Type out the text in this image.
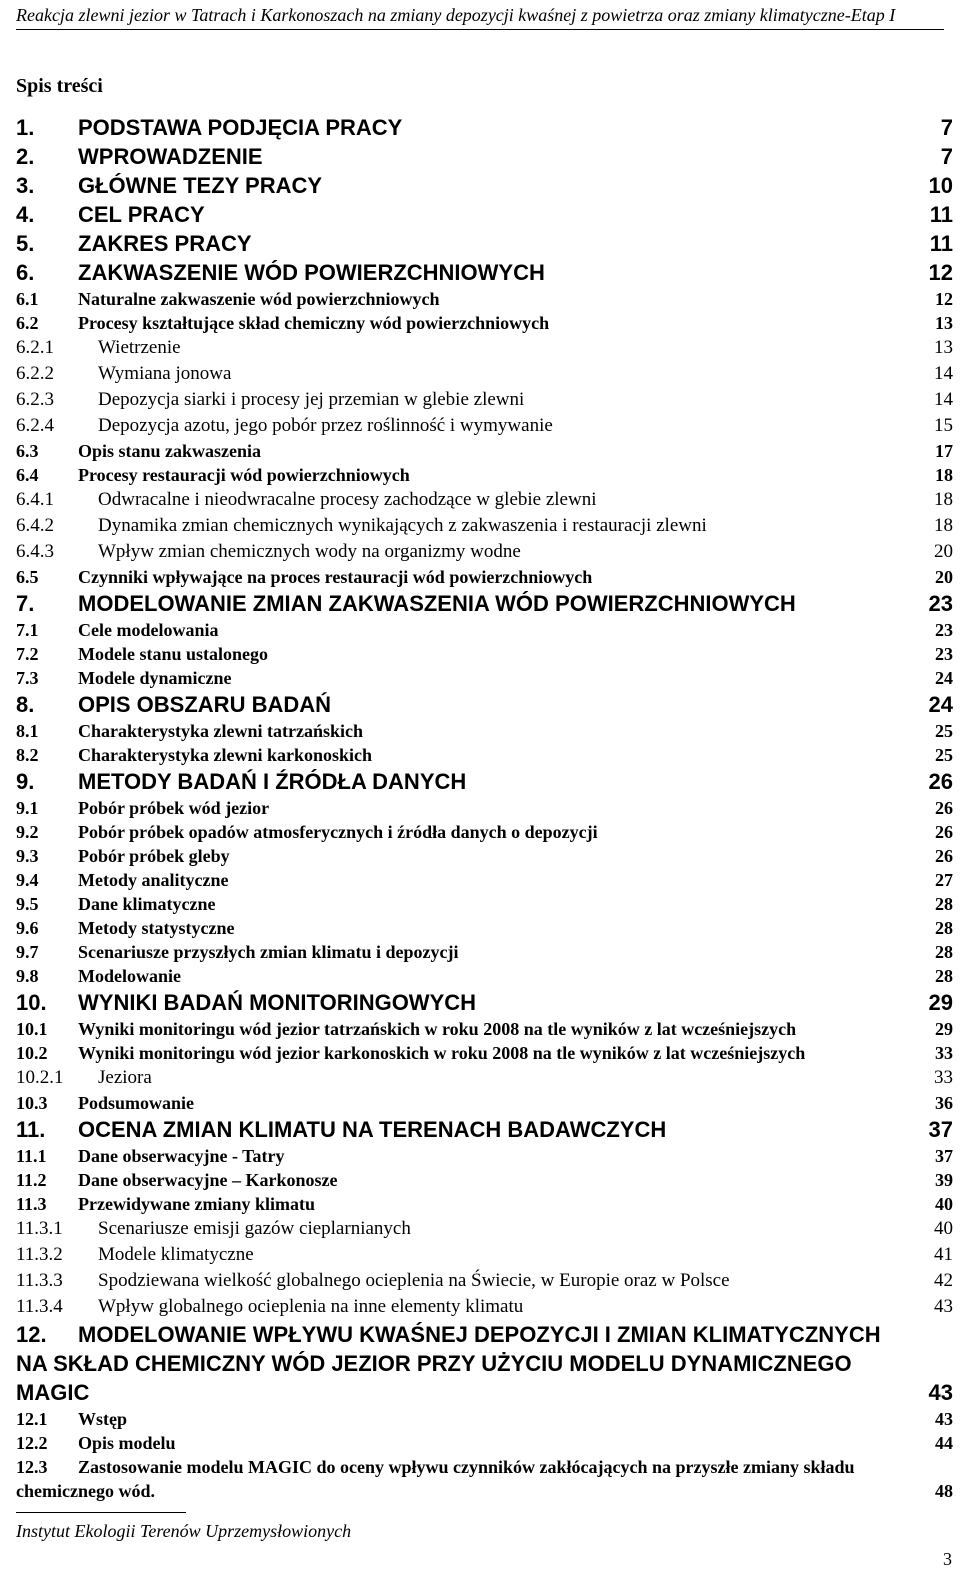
Reakcja zlewni jezior w Tatrach i Karkonoszach na zmiany depozycji kwaśnej z powietrza oraz zmiany klimatyczne-Etap I
Spis treści
1. PODSTAWA PODJĘCIA PRACY	7
2. WPROWADZENIE	7
3. GŁÓWNE TEZY PRACY	10
4. CEL PRACY	11
5. ZAKRES PRACY	11
6. ZAKWASZENIE WÓD POWIERZCHNIOWYCH	12
6.1 Naturalne zakwaszenie wód powierzchniowych	12
6.2 Procesy kształtujące skład chemiczny wód powierzchniowych	13
6.2.1 Wietrzenie	13
6.2.2 Wymiana jonowa	14
6.2.3 Depozycja siarki i procesy jej przemian w glebie zlewni	14
6.2.4 Depozycja azotu, jego pobór przez roślinność i wymywanie	15
6.3 Opis stanu zakwaszenia	17
6.4 Procesy restauracji wód powierzchniowych	18
6.4.1 Odwracalne i nieodwracalne procesy zachodzące w glebie zlewni	18
6.4.2 Dynamika zmian chemicznych wynikających z zakwaszenia i restauracji zlewni	18
6.4.3 Wpływ zmian chemicznych wody na organizmy wodne	20
6.5 Czynniki wpływające na proces restauracji wód powierzchniowych	20
7. MODELOWANIE ZMIAN ZAKWASZENIA WÓD POWIERZCHNIOWYCH	23
7.1 Cele modelowania	23
7.2 Modele stanu ustalonego	23
7.3 Modele dynamiczne	24
8. OPIS OBSZARU BADAŃ	24
8.1 Charakterystyka zlewni tatrzańskich	25
8.2 Charakterystyka zlewni karkonoskich	25
9. METODY BADAŃ I ŹRÓDŁA DANYCH	26
9.1 Pobór próbek wód jezior	26
9.2 Pobór próbek opadów atmosferycznych i źródła danych o depozycji	26
9.3 Pobór próbek gleby	26
9.4 Metody analityczne	27
9.5 Dane klimatyczne	28
9.6 Metody statystyczne	28
9.7 Scenariusze przyszłych zmian klimatu i depozycji	28
9.8 Modelowanie	28
10. WYNIKI BADAŃ MONITORINGOWYCH	29
10.1 Wyniki monitoringu wód jezior tatrzańskich w roku 2008 na tle wyników z lat wcześniejszych	29
10.2 Wyniki monitoringu wód jezior karkonoskich w roku 2008 na tle wyników z lat wcześniejszych	33
10.2.1 Jeziora	33
10.3 Podsumowanie	36
11. OCENA ZMIAN KLIMATU NA TERENACH BADAWCZYCH	37
11.1 Dane obserwacyjne - Tatry	37
11.2 Dane obserwacyjne – Karkonosze	39
11.3 Przewidywane zmiany klimatu	40
11.3.1 Scenariusze emisji gazów cieplarnianych	40
11.3.2 Modele klimatyczne	41
11.3.3 Spodziewana wielkość globalnego ocieplenia na Świecie, w Europie oraz w Polsce	42
11.3.4 Wpływ globalnego ocieplenia na inne elementy klimatu	43
12. MODELOWANIE WPŁYWU KWAŚNEJ DEPOZYCJI I ZMIAN KLIMATYCZNYCH NA SKŁAD CHEMICZNY WÓD JEZIOR PRZY UŻYCIU MODELU DYNAMICZNEGO MAGIC	43
12.1 Wstęp	43
12.2 Opis modelu	44
12.3 Zastosowanie modelu MAGIC do oceny wpływu czynników zakłócających na przyszłe zmiany składu chemicznego wód.	48
Instytut Ekologii Terenów Uprzemysłowionych
3
